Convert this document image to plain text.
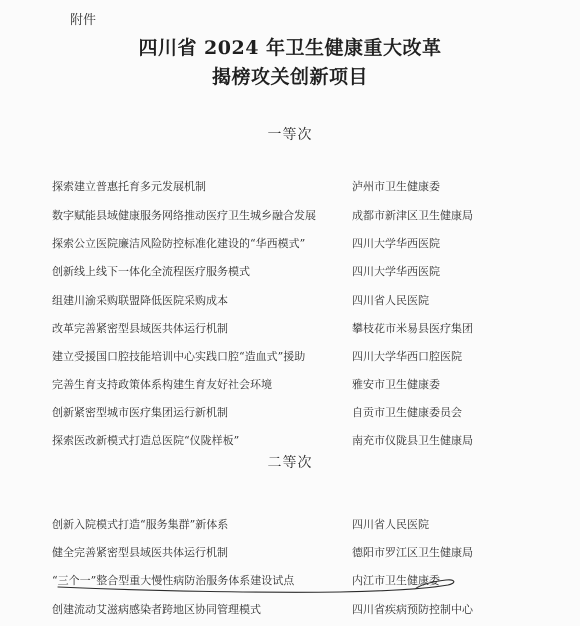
附件
四川省 2024 年卫生健康重大改革
揭榜攻关创新项目
一等次
探索建立普惠托育多元发展机制	泸州市卫生健康委
数字赋能县域健康服务网络推动医疗卫生城乡融合发展	成都市新津区卫生健康局
探索公立医院廉洁风险防控标准化建设的“华西模式”	四川大学华西医院
创新线上线下一体化全流程医疗服务模式	四川大学华西医院
组建川渝采购联盟降低医院采购成本	四川省人民医院
改革完善紧密型县域医共体运行机制	攀枝花市米易县医疗集团
建立受援国口腔技能培训中心实践口腔“造血式”援助	四川大学华西口腔医院
完善生育支持政策体系构建生育友好社会环境	雅安市卫生健康委
创新紧密型城市医疗集团运行新机制	自贡市卫生健康委员会
探索医改新模式打造总医院“仪陇样板”	南充市仪陇县卫生健康局
二等次
创新入院模式打造“服务集群”新体系	四川省人民医院
健全完善紧密型县域医共体运行机制	德阳市罗江区卫生健康局
“三个一”整合型重大慢性病防治服务体系建设试点	内江市卫生健康委
创建流动艾滋病感染者跨地区协同管理模式	四川省疾病预防控制中心
